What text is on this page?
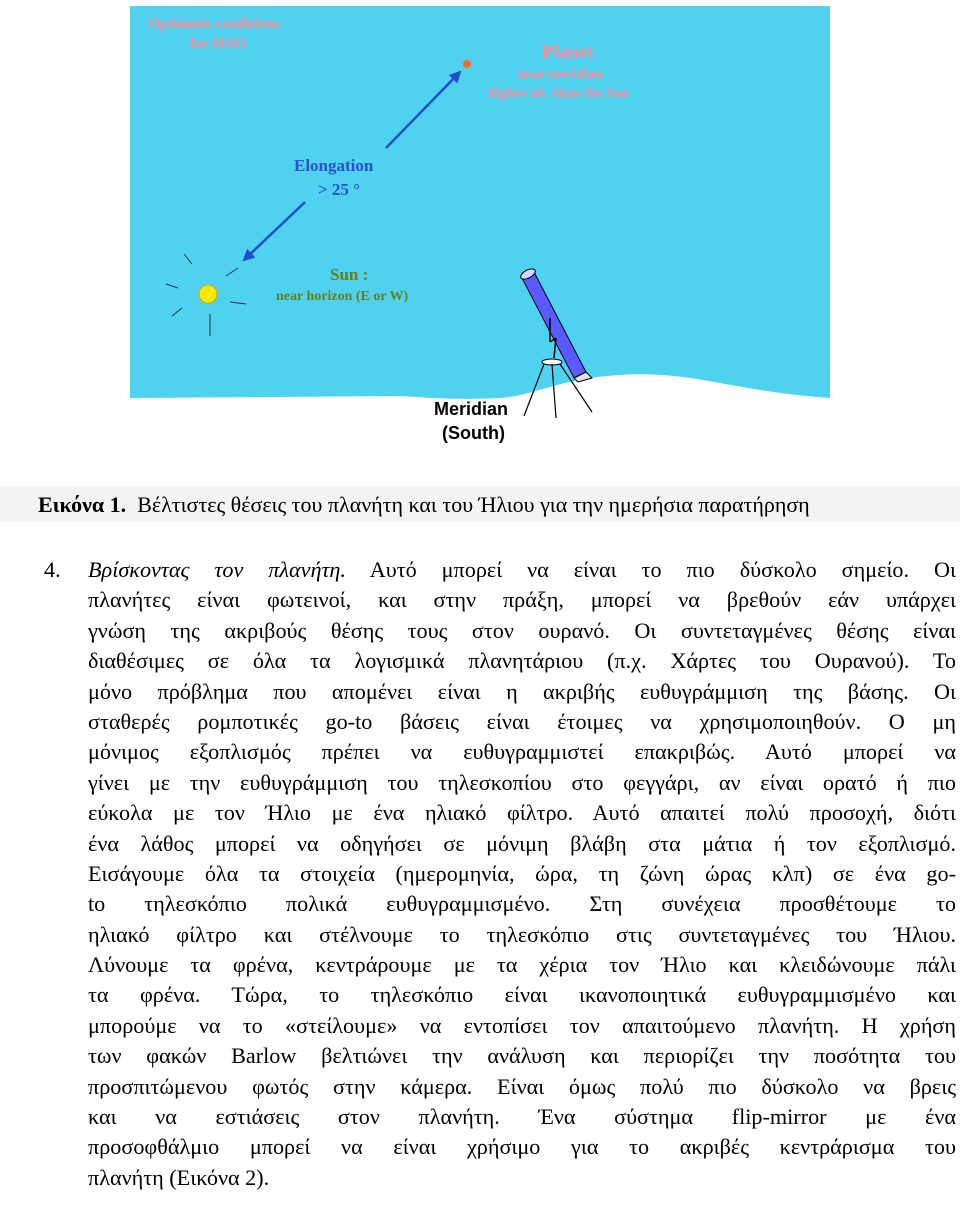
Optimum conditions
for DDO	Planet
near meridian
higher alt. than the Sun
Elongation
> 25 °
Sun :
near horizon (E or W)
Meridian
(South)
Εικόνα 1. Βέλτιστες θέσεις του πλανήτη και του Ήλιου για την ημερήσια παρατήρηση
4. Βρίσκοντας τον πλανήτη. Αυτό μπορεί να είναι το πιο δύσκολο σημείο. Οι
πλανήτες είναι φωτεινοί, και στην πράξη, μπορεί να βρεθούν εάν υπάρχει
γνώση της ακριβούς θέσης τους στον ουρανό. Οι συντεταγμένες θέσης είναι
διαθέσιμες σε όλα τα λογισμικά πλανητάριου (π.χ. Χάρτες του Ουρανού). Το
μόνο πρόβλημα που απομένει είναι η ακριβής ευθυγράμμιση της βάσης. Οι
σταθερές ρομποτικές go-to βάσεις είναι έτοιμες να χρησιμοποιηθούν. Ο μη
μόνιμος εξοπλισμός πρέπει να ευθυγραμμιστεί επακριβώς. Αυτό μπορεί να
γίνει με την ευθυγράμμιση του τηλεσκοπίου στο φεγγάρι, αν είναι ορατό ή πιο
εύκολα με τον Ήλιο με ένα ηλιακό φίλτρο. Αυτό απαιτεί πολύ προσοχή, διότι
ένα λάθος μπορεί να οδηγήσει σε μόνιμη βλάβη στα μάτια ή τον εξοπλισμό.
Εισάγουμε όλα τα στοιχεία (ημερομηνία, ώρα, τη ζώνη ώρας κλπ) σε ένα go-
to τηλεσκόπιο πολικά ευθυγραμμισμένο. Στη συνέχεια προσθέτουμε το
ηλιακό φίλτρο και στέλνουμε το τηλεσκόπιο στις συντεταγμένες του Ήλιου.
Λύνουμε τα φρένα, κεντράρουμε με τα χέρια τον Ήλιο και κλειδώνουμε πάλι
τα φρένα. Τώρα, το τηλεσκόπιο είναι ικανοποιητικά ευθυγραμμισμένο και
μπορούμε να το «στείλουμε» να εντοπίσει τον απαιτούμενο πλανήτη. Η χρήση
των φακών Barlow βελτιώνει την ανάλυση και περιορίζει την ποσότητα του
προσπιτώμενου φωτός στην κάμερα. Είναι όμως πολύ πιο δύσκολο να βρεις
και να εστιάσεις στον πλανήτη. Ένα σύστημα flip-mirror με ένα
προσοφθάλμιο μπορεί να είναι χρήσιμο για το ακριβές κεντράρισμα του
πλανήτη (Εικόνα 2).
